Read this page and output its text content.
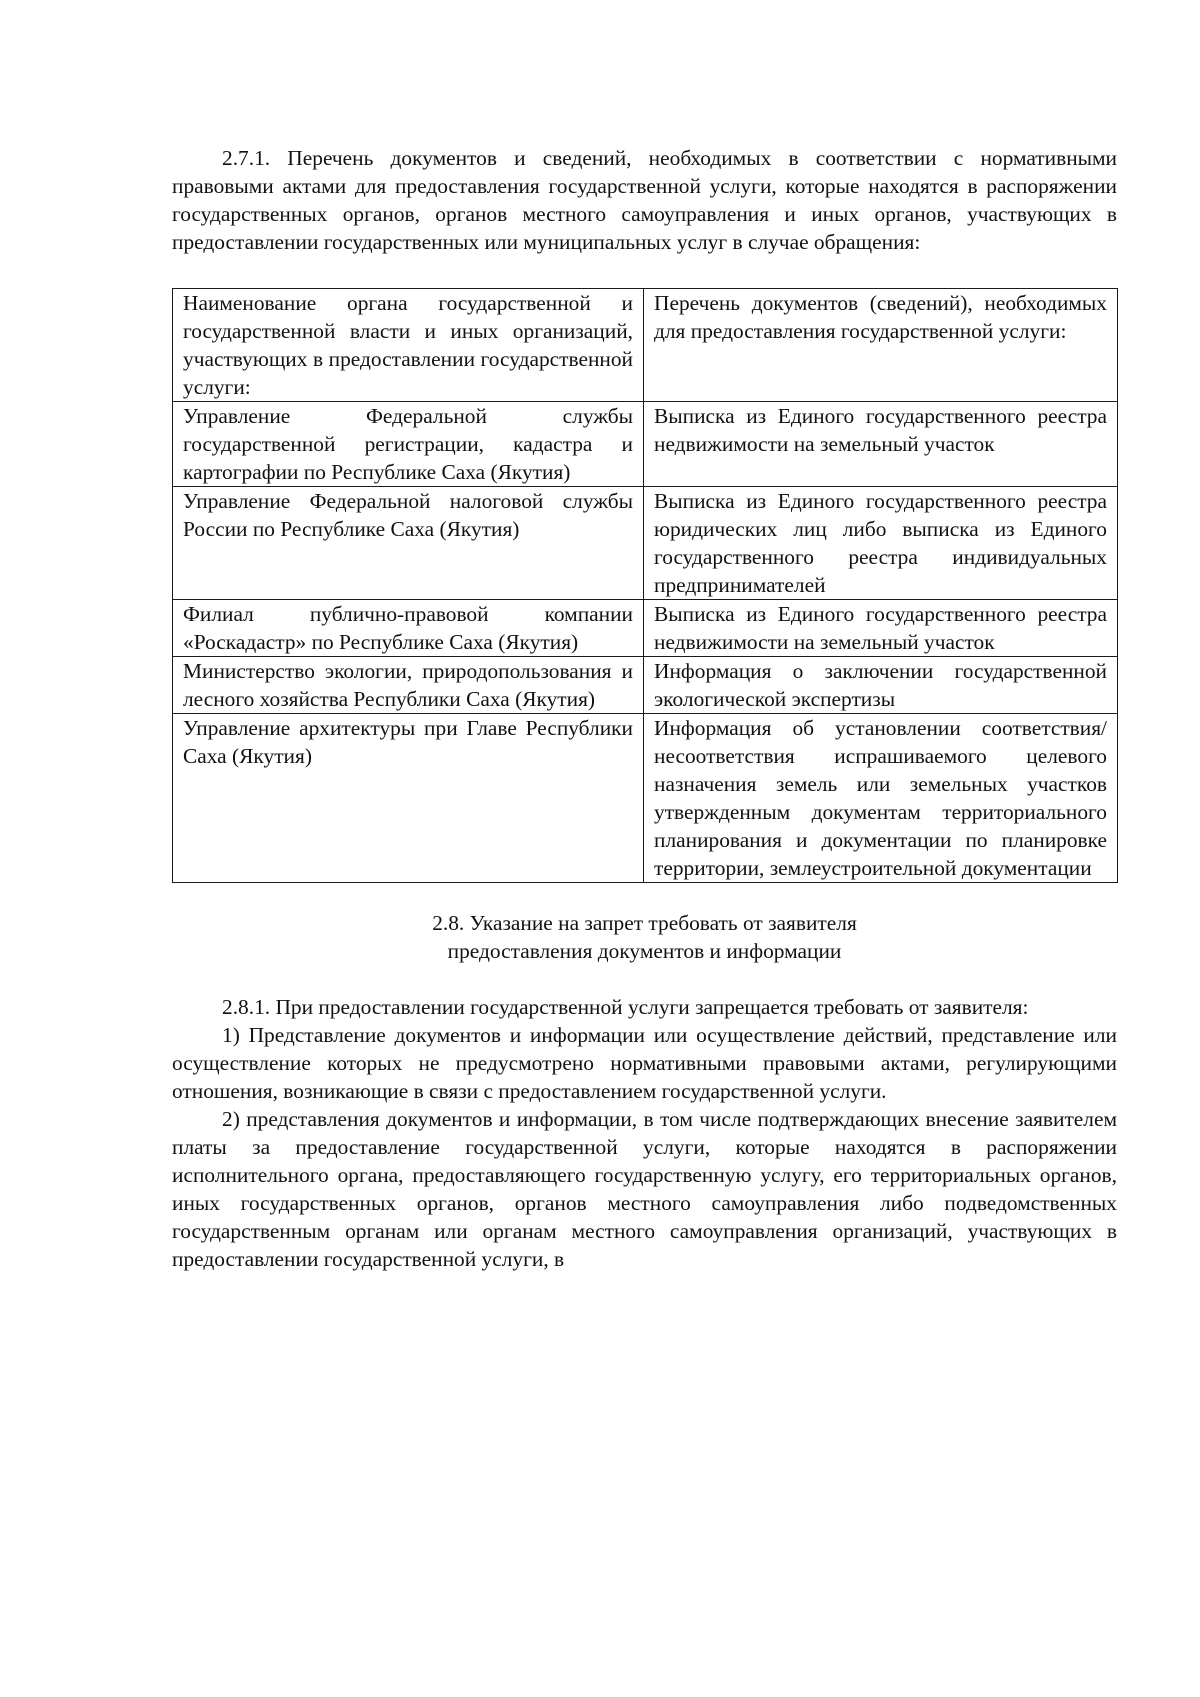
2.7.1. Перечень документов и сведений, необходимых в соответствии с нормативными правовыми актами для предоставления государственной услуги, которые находятся в распоряжении государственных органов, органов местного самоуправления и иных органов, участвующих в предоставлении государственных или муниципальных услуг в случае обращения:

Наименование органа государственной и государственной власти и иных организаций, участвующих в предоставлении государственной услуги:	Перечень документов (сведений), необходимых для предоставления государственной услуги:
Управление Федеральной службы государственной регистрации, кадастра и картографии по Республике Саха (Якутия)	Выписка из Единого государственного реестра недвижимости на земельный участок
Управление Федеральной налоговой службы России по Республике Саха (Якутия)	Выписка из Единого государственного реестра юридических лиц либо выписка из Единого государственного реестра индивидуальных предпринимателей
Филиал публично-правовой компании «Роскадастр» по Республике Саха (Якутия)	Выписка из Единого государственного реестра недвижимости на земельный участок
Министерство экологии, природопользования и лесного хозяйства Республики Саха (Якутия)	Информация о заключении государственной экологической экспертизы
Управление архитектуры при Главе Республики Саха (Якутия)	Информация об установлении соответствия/несоответствия испрашиваемого целевого назначения земель или земельных участков утвержденным документам территориального планирования и документации по планировке территории, землеустроительной документации
2.8. Указание на запрет требовать от заявителя
предоставления документов и информации

2.8.1. При предоставлении государственной услуги запрещается требовать от заявителя:

1) Представление документов и информации или осуществление действий, представление или осуществление которых не предусмотрено нормативными правовыми актами, регулирующими отношения, возникающие в связи с предоставлением государственной услуги.

2) представления документов и информации, в том числе подтверждающих внесение заявителем платы за предоставление государственной услуги, которые находятся в распоряжении исполнительного органа, предоставляющего государственную услугу, его территориальных органов, иных государственных органов, органов местного самоуправления либо подведомственных государственным органам или органам местного самоуправления организаций, участвующих в предоставлении государственной услуги, в
